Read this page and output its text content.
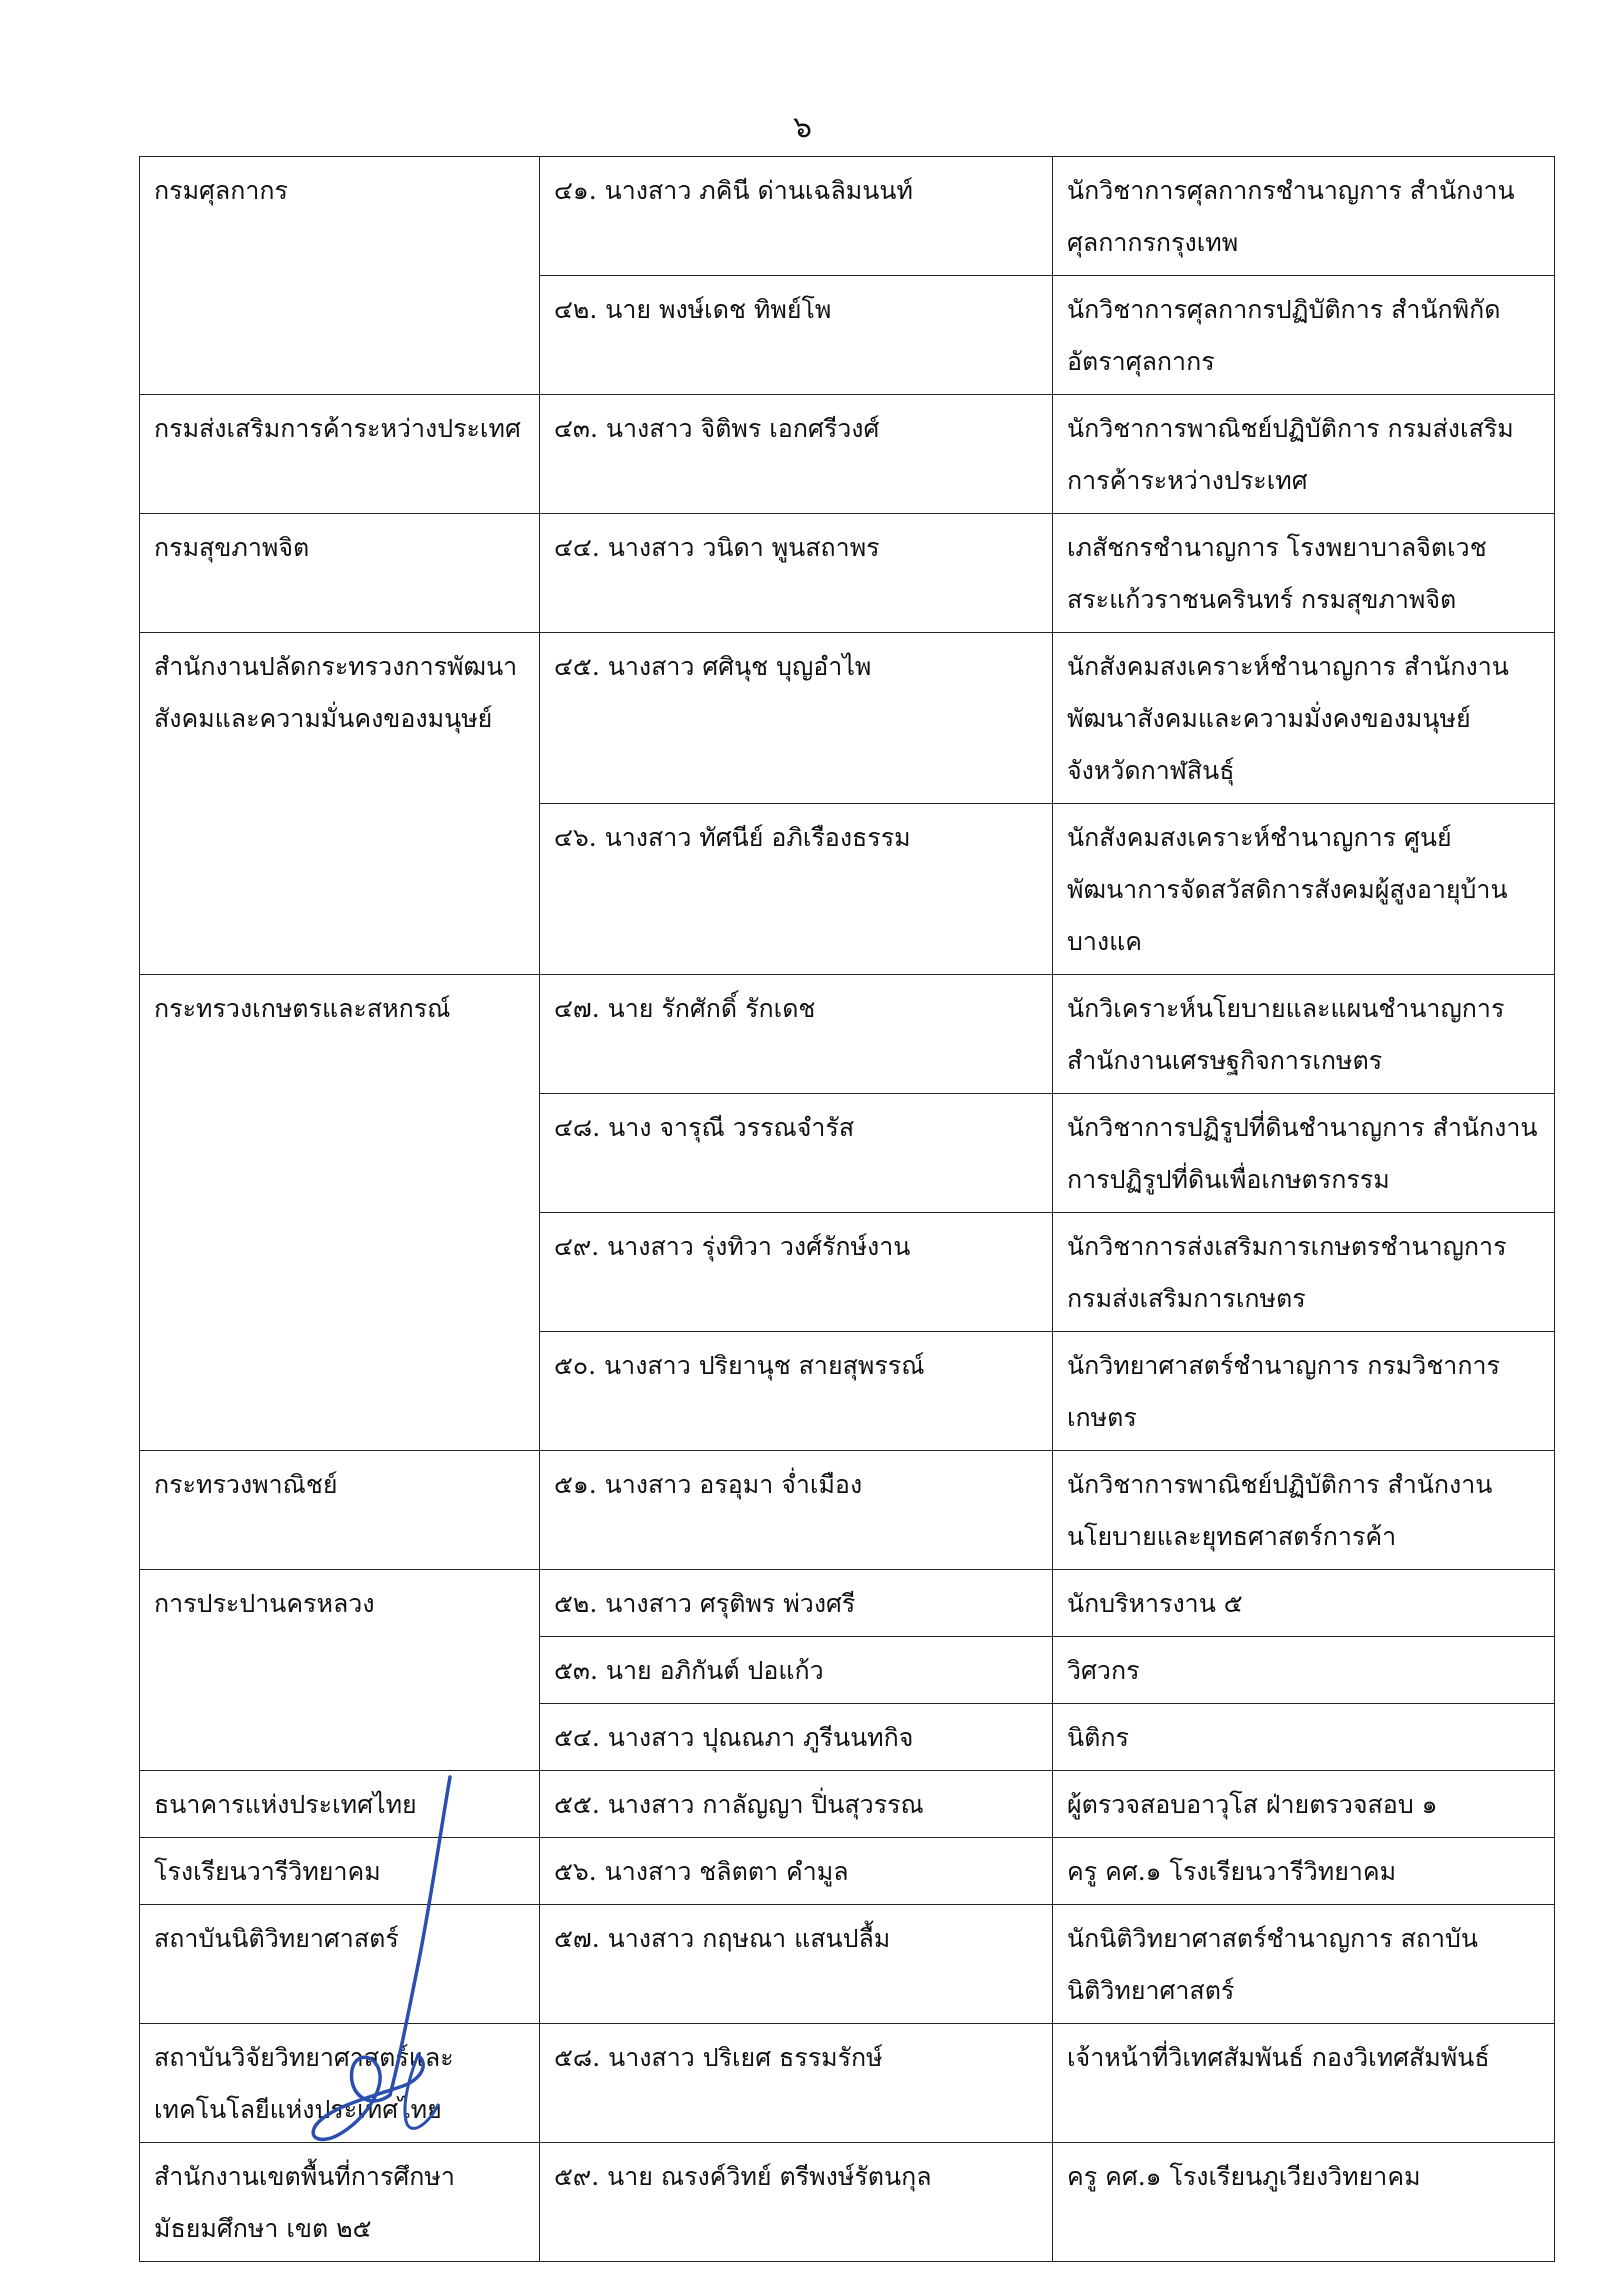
๖
กรมศุลกากร	๔๑. นางสาว ภคินี ด่านเฉลิมนนท์	นักวิชาการศุลกากรชำนาญการ สำนักงานศุลกากรกรุงเทพ
	๔๒. นาย พงษ์เดช ทิพย์โพ	นักวิชาการศุลกากรปฏิบัติการ สำนักพิกัดอัตราศุลกากร
กรมส่งเสริมการค้าระหว่างประเทศ	๔๓. นางสาว จิติพร เอกศรีวงศ์	นักวิชาการพาณิชย์ปฏิบัติการ กรมส่งเสริมการค้าระหว่างประเทศ
กรมสุขภาพจิต	๔๔. นางสาว วนิดา พูนสถาพร	เภสัชกรชำนาญการ โรงพยาบาลจิตเวชสระแก้วราชนครินทร์ กรมสุขภาพจิต
สำนักงานปลัดกระทรวงการพัฒนาสังคมและความมั่นคงของมนุษย์	๔๕. นางสาว ศศินุช บุญอำไพ	นักสังคมสงเคราะห์ชำนาญการ สำนักงานพัฒนาสังคมและความมั่งคงของมนุษย์ จังหวัดกาฬสินธุ์
	๔๖. นางสาว ทัศนีย์ อภิเรืองธรรม	นักสังคมสงเคราะห์ชำนาญการ ศูนย์พัฒนาการจัดสวัสดิการสังคมผู้สูงอายุบ้านบางแค
กระทรวงเกษตรและสหกรณ์	๔๗. นาย รักศักดิ์ รักเดช	นักวิเคราะห์นโยบายและแผนชำนาญการ สำนักงานเศรษฐกิจการเกษตร
	๔๘. นาง จารุณี วรรณจำรัส	นักวิชาการปฏิรูปที่ดินชำนาญการ สำนักงานการปฏิรูปที่ดินเพื่อเกษตรกรรม
	๔๙. นางสาว รุ่งทิวา วงศ์รักษ์งาน	นักวิชาการส่งเสริมการเกษตรชำนาญการ กรมส่งเสริมการเกษตร
	๕๐. นางสาว ปริยานุช สายสุพรรณ์	นักวิทยาศาสตร์ชำนาญการ กรมวิชาการเกษตร
กระทรวงพาณิชย์	๕๑. นางสาว อรอุมา จ่ำเมือง	นักวิชาการพาณิชย์ปฏิบัติการ สำนักงานนโยบายและยุทธศาสตร์การค้า
การประปานครหลวง	๕๒. นางสาว ศรุติพร พ่วงศรี	นักบริหารงาน ๕
	๕๓. นาย อภิกันต์ ปอแก้ว	วิศวกร
	๕๔. นางสาว ปุณณภา ภูรีนนทกิจ	นิติกร
ธนาคารแห่งประเทศไทย	๕๕. นางสาว กาลัญญา ปิ่นสุวรรณ	ผู้ตรวจสอบอาวุโส ฝ่ายตรวจสอบ ๑
โรงเรียนวารีวิทยาคม	๕๖. นางสาว ชลิตตา คำมูล	ครู คศ.๑ โรงเรียนวารีวิทยาคม
สถาบันนิติวิทยาศาสตร์	๕๗. นางสาว กฤษณา แสนปลื้ม	นักนิติวิทยาศาสตร์ชำนาญการ สถาบันนิติวิทยาศาสตร์
สถาบันวิจัยวิทยาศาสตร์และเทคโนโลยีแห่งประเทศไทย	๕๘. นางสาว ปริเยศ ธรรมรักษ์	เจ้าหน้าที่วิเทศสัมพันธ์ กองวิเทศสัมพันธ์
สำนักงานเขตพื้นที่การศึกษามัธยมศึกษา เขต ๒๕	๕๙. นาย ณรงค์วิทย์ ตรีพงษ์รัตนกุล	ครู คศ.๑ โรงเรียนภูเวียงวิทยาคม
